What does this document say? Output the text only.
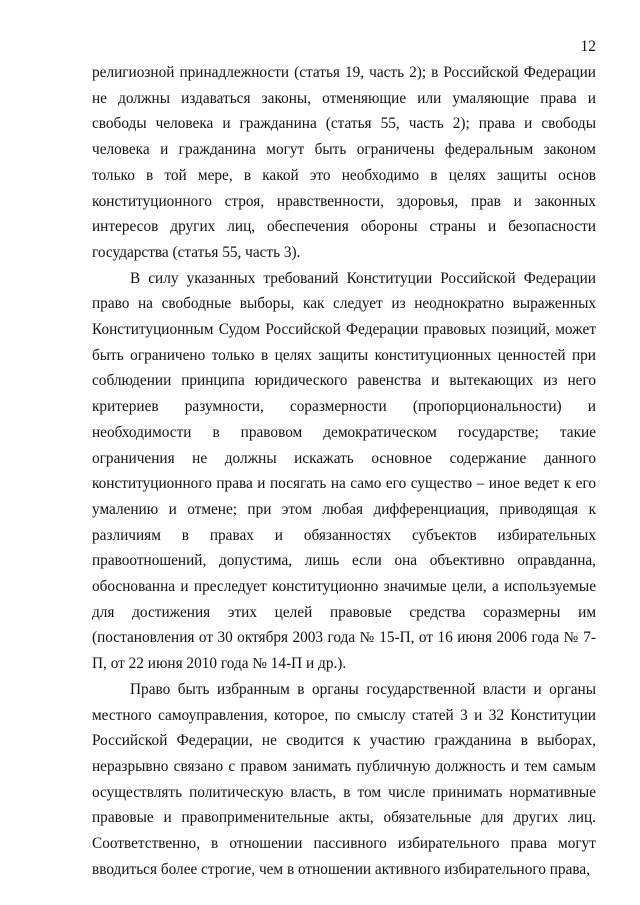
12

религиозной принадлежности (статья 19, часть 2); в Российской Федерации не должны издаваться законы, отменяющие или умаляющие права и свободы человека и гражданина (статья 55, часть 2); права и свободы человека и гражданина могут быть ограничены федеральным законом только в той мере, в какой это необходимо в целях защиты основ конституционного строя, нравственности, здоровья, прав и законных интересов других лиц, обеспечения обороны страны и безопасности государства (статья 55, часть 3).

В силу указанных требований Конституции Российской Федерации право на свободные выборы, как следует из неоднократно выраженных Конституционным Судом Российской Федерации правовых позиций, может быть ограничено только в целях защиты конституционных ценностей при соблюдении принципа юридического равенства и вытекающих из него критериев разумности, соразмерности (пропорциональности) и необходимости в правовом демократическом государстве; такие ограничения не должны искажать основное содержание данного конституционного права и посягать на само его существо – иное ведет к его умалению и отмене; при этом любая дифференциация, приводящая к различиям в правах и обязанностях субъектов избирательных правоотношений, допустима, лишь если она объективно оправданна, обоснованна и преследует конституционно значимые цели, а используемые для достижения этих целей правовые средства соразмерны им (постановления от 30 октября 2003 года № 15-П, от 16 июня 2006 года № 7-П, от 22 июня 2010 года № 14-П и др.).

Право быть избранным в органы государственной власти и органы местного самоуправления, которое, по смыслу статей 3 и 32 Конституции Российской Федерации, не сводится к участию гражданина в выборах, неразрывно связано с правом занимать публичную должность и тем самым осуществлять политическую власть, в том числе принимать нормативные правовые и правоприменительные акты, обязательные для других лиц. Соответственно, в отношении пассивного избирательного права могут вводиться более строгие, чем в отношении активного избирательного права,
